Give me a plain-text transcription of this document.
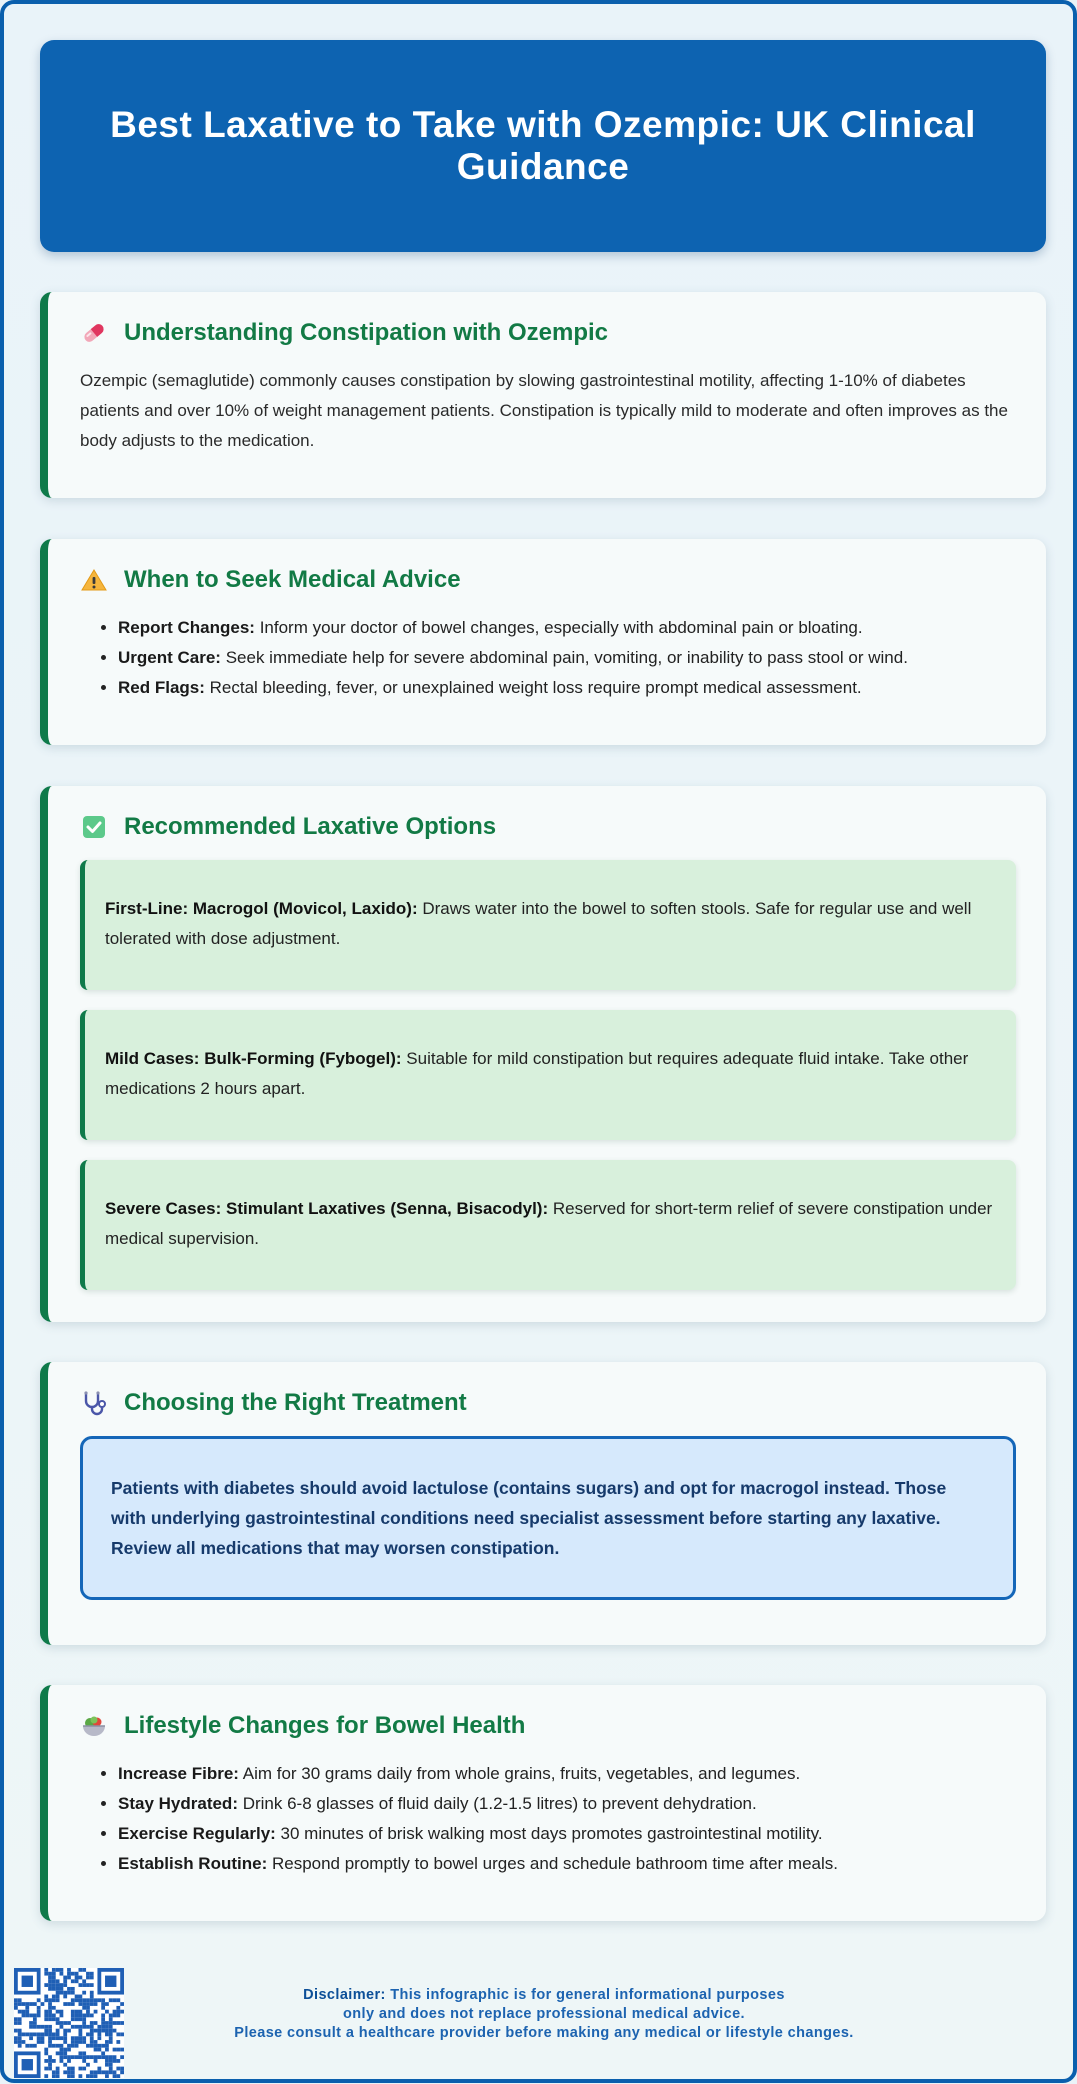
Best Laxative to Take with Ozempic: UK Clinical Guidance
Understanding Constipation with Ozempic

Ozempic (semaglutide) commonly causes constipation by slowing gastrointestinal motility, affecting 1-10% of diabetes patients and over 10% of weight management patients. Constipation is typically mild to moderate and often improves as the body adjusts to the medication.

When to Seek Medical Advice
• Report Changes: Inform your doctor of bowel changes, especially with abdominal pain or bloating.
• Urgent Care: Seek immediate help for severe abdominal pain, vomiting, or inability to pass stool or wind.
• Red Flags: Rectal bleeding, fever, or unexplained weight loss require prompt medical assessment.
Recommended Laxative Options
First-Line: Macrogol (Movicol, Laxido): Draws water into the bowel to soften stools. Safe for regular use and well tolerated with dose adjustment.
Mild Cases: Bulk-Forming (Fybogel): Suitable for mild constipation but requires adequate fluid intake. Take other medications 2 hours apart.
Severe Cases: Stimulant Laxatives (Senna, Bisacodyl): Reserved for short-term relief of severe constipation under medical supervision.
Choosing the Right Treatment
Patients with diabetes should avoid lactulose (contains sugars) and opt for macrogol instead. Those with underlying gastrointestinal conditions need specialist assessment before starting any laxative. Review all medications that may worsen constipation.
Lifestyle Changes for Bowel Health
• Increase Fibre: Aim for 30 grams daily from whole grains, fruits, vegetables, and legumes.
• Stay Hydrated: Drink 6-8 glasses of fluid daily (1.2-1.5 litres) to prevent dehydration.
• Exercise Regularly: 30 minutes of brisk walking most days promotes gastrointestinal motility.
• Establish Routine: Respond promptly to bowel urges and schedule bathroom time after meals.
Disclaimer: This infographic is for general informational purposes
only and does not replace professional medical advice.
Please consult a healthcare provider before making any medical or lifestyle changes.
